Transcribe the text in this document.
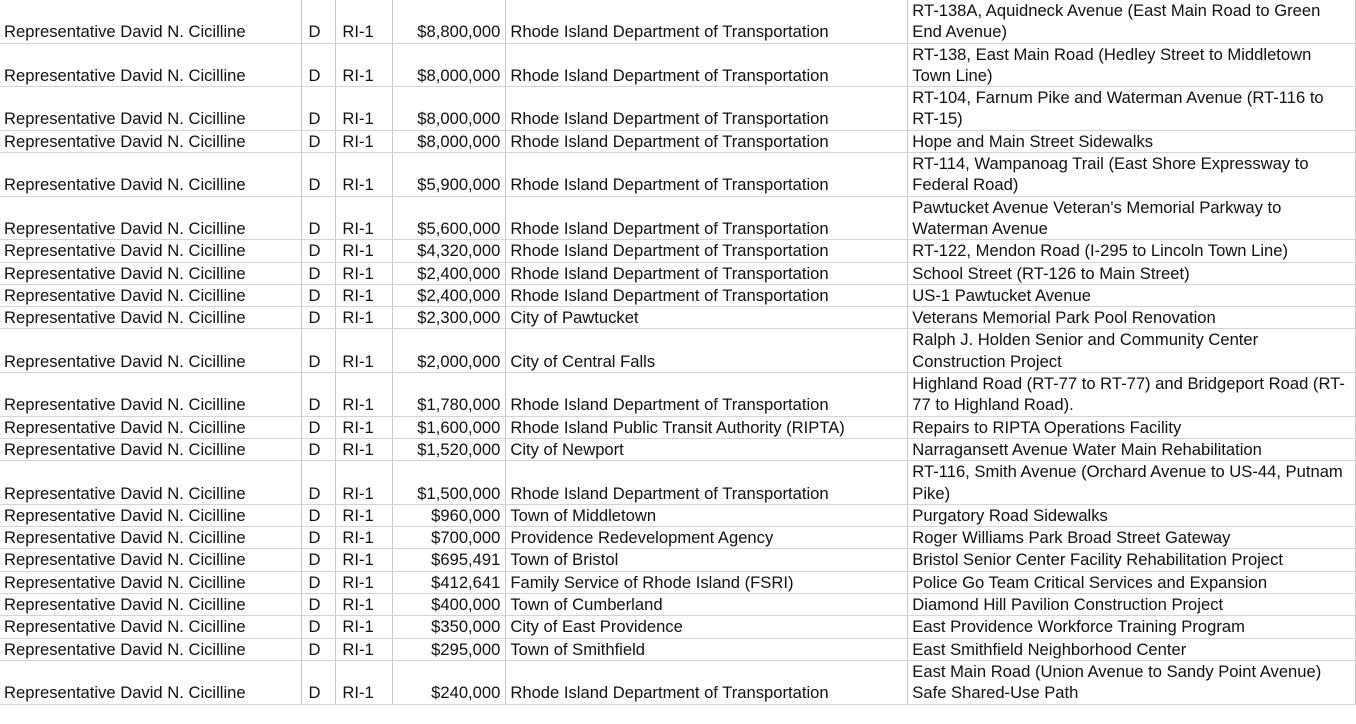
Representative David N. Cicilline	D	RI-1	$8,800,000	Rhode Island Department of Transportation	RT-138A, Aquidneck Avenue (East Main Road to Green End Avenue)
Representative David N. Cicilline	D	RI-1	$8,000,000	Rhode Island Department of Transportation	RT-138, East Main Road (Hedley Street to Middletown Town Line)
Representative David N. Cicilline	D	RI-1	$8,000,000	Rhode Island Department of Transportation	RT-104, Farnum Pike and Waterman Avenue (RT-116 to RT-15)
Representative David N. Cicilline	D	RI-1	$8,000,000	Rhode Island Department of Transportation	Hope and Main Street Sidewalks
Representative David N. Cicilline	D	RI-1	$5,900,000	Rhode Island Department of Transportation	RT-114, Wampanoag Trail (East Shore Expressway to Federal Road)
Representative David N. Cicilline	D	RI-1	$5,600,000	Rhode Island Department of Transportation	Pawtucket Avenue Veteran's Memorial Parkway to Waterman Avenue
Representative David N. Cicilline	D	RI-1	$4,320,000	Rhode Island Department of Transportation	RT-122, Mendon Road (I-295 to Lincoln Town Line)
Representative David N. Cicilline	D	RI-1	$2,400,000	Rhode Island Department of Transportation	School Street (RT-126 to Main Street)
Representative David N. Cicilline	D	RI-1	$2,400,000	Rhode Island Department of Transportation	US-1 Pawtucket Avenue
Representative David N. Cicilline	D	RI-1	$2,300,000	City of Pawtucket	Veterans Memorial Park Pool Renovation
Representative David N. Cicilline	D	RI-1	$2,000,000	City of Central Falls	Ralph J. Holden Senior and Community Center Construction Project
Representative David N. Cicilline	D	RI-1	$1,780,000	Rhode Island Department of Transportation	Highland Road (RT-77 to RT-77) and Bridgeport Road (RT-77 to Highland Road).
Representative David N. Cicilline	D	RI-1	$1,600,000	Rhode Island Public Transit Authority (RIPTA)	Repairs to RIPTA Operations Facility
Representative David N. Cicilline	D	RI-1	$1,520,000	City of Newport	Narragansett Avenue Water Main Rehabilitation
Representative David N. Cicilline	D	RI-1	$1,500,000	Rhode Island Department of Transportation	RT-116, Smith Avenue (Orchard Avenue to US-44, Putnam Pike)
Representative David N. Cicilline	D	RI-1	$960,000	Town of Middletown	Purgatory Road Sidewalks
Representative David N. Cicilline	D	RI-1	$700,000	Providence Redevelopment Agency	Roger Williams Park Broad Street Gateway
Representative David N. Cicilline	D	RI-1	$695,491	Town of Bristol	Bristol Senior Center Facility Rehabilitation Project
Representative David N. Cicilline	D	RI-1	$412,641	Family Service of Rhode Island (FSRI)	Police Go Team Critical Services and Expansion
Representative David N. Cicilline	D	RI-1	$400,000	Town of Cumberland	Diamond Hill Pavilion Construction Project
Representative David N. Cicilline	D	RI-1	$350,000	City of East Providence	East Providence Workforce Training Program
Representative David N. Cicilline	D	RI-1	$295,000	Town of Smithfield	East Smithfield Neighborhood Center
Representative David N. Cicilline	D	RI-1	$240,000	Rhode Island Department of Transportation	East Main Road (Union Avenue to Sandy Point Avenue) Safe Shared-Use Path
